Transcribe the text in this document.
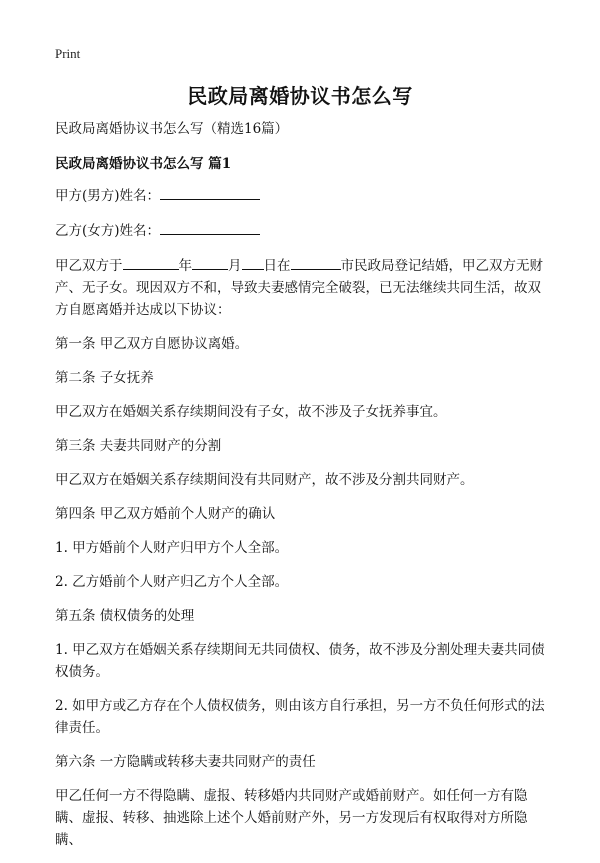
Print
民政局离婚协议书怎么写

民政局离婚协议书怎么写（精选16篇）

民政局离婚协议书怎么写 篇1

甲方(男方)姓名：

乙方(女方)姓名：

甲乙双方于	年	月 日在	市民政局登记结婚，甲乙双方无财产、无子女。现因双方不和，导致夫妻感情完全破裂，已无法继续共同生活，故双方自愿离婚并达成以下协议：

第一条 甲乙双方自愿协议离婚。

第二条 子女抚养

甲乙双方在婚姻关系存续期间没有子女，故不涉及子女抚养事宜。

第三条 夫妻共同财产的分割

甲乙双方在婚姻关系存续期间没有共同财产，故不涉及分割共同财产。

第四条 甲乙双方婚前个人财产的确认

1. 甲方婚前个人财产归甲方个人全部。

2. 乙方婚前个人财产归乙方个人全部。

第五条 债权债务的处理

1. 甲乙双方在婚姻关系存续期间无共同债权、债务，故不涉及分割处理夫妻共同债权债务。

2. 如甲方或乙方存在个人债权债务，则由该方自行承担，另一方不负任何形式的法律责任。

第六条 一方隐瞒或转移夫妻共同财产的责任

甲乙任何一方不得隐瞒、虚报、转移婚内共同财产或婚前财产。如任何一方有隐瞒、虚报、转移、抽逃除上述个人婚前财产外，另一方发现后有权取得对方所隐瞒、
